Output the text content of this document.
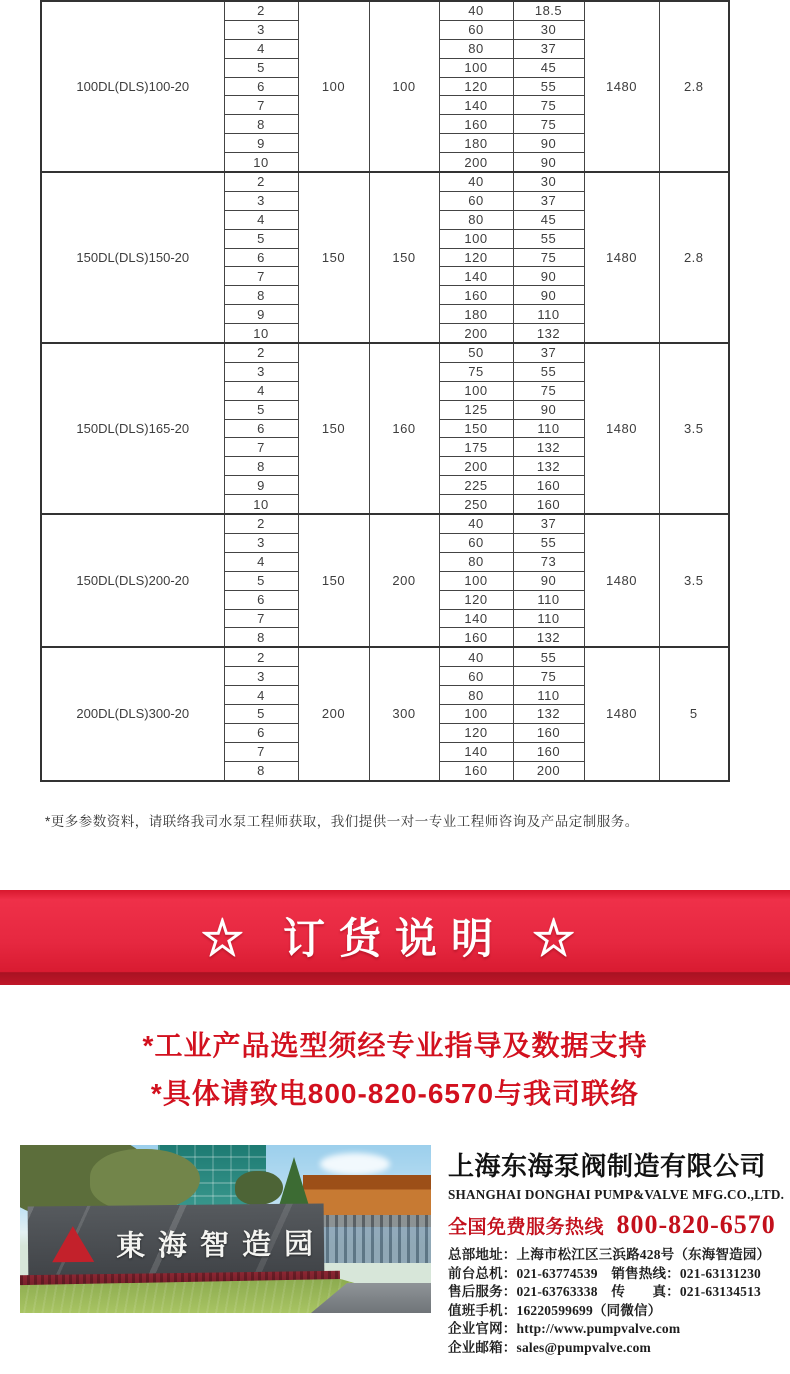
100DL(DLS)100-20	2	100	100	40	18.5	1480	2.8
	3			60	30		
	4			80	37		
	5			100	45		
	6			120	55		
	7			140	75		
	8			160	75		
	9			180	90		
	10			200	90		
150DL(DLS)150-20	2	150	150	40	30	1480	2.8
	3			60	37		
	4			80	45		
	5			100	55		
	6			120	75		
	7			140	90		
	8			160	90		
	9			180	110		
	10			200	132		
150DL(DLS)165-20	2	150	160	50	37	1480	3.5
	3			75	55		
	4			100	75		
	5			125	90		
	6			150	110		
	7			175	132		
	8			200	132		
	9			225	160		
	10			250	160		
150DL(DLS)200-20	2	150	200	40	37	1480	3.5
	3			60	55		
	4			80	73		
	5			100	90		
	6			120	110		
	7			140	110		
	8			160	132		
200DL(DLS)300-20	2	200	300	40	55	1480	5
	3			60	75		
	4			80	110		
	5			100	132		
	6			120	160		
	7			140	160		
	8			160	200		
*更多参数资料，请联络我司水泵工程师获取，我们提供一对一专业工程师咨询及产品定制服务。
☆ 订货说明 ☆
*工业产品选型须经专业指导及数据支持
*具体请致电800-820-6570与我司联络
東海智造园
上海东海泵阀制造有限公司
SHANGHAI DONGHAI PUMP&VALVE MFG.CO.,LTD.
全国免费服务热线 800-820-6570
总部地址：上海市松江区三浜路428号（东海智造园）
前台总机：021-63774539　销售热线：021-63131230
售后服务：021-63763338　传　　真：021-63134513
值班手机：16220599699（同微信）
企业官网：http://www.pumpvalve.com
企业邮箱：sales@pumpvalve.com
